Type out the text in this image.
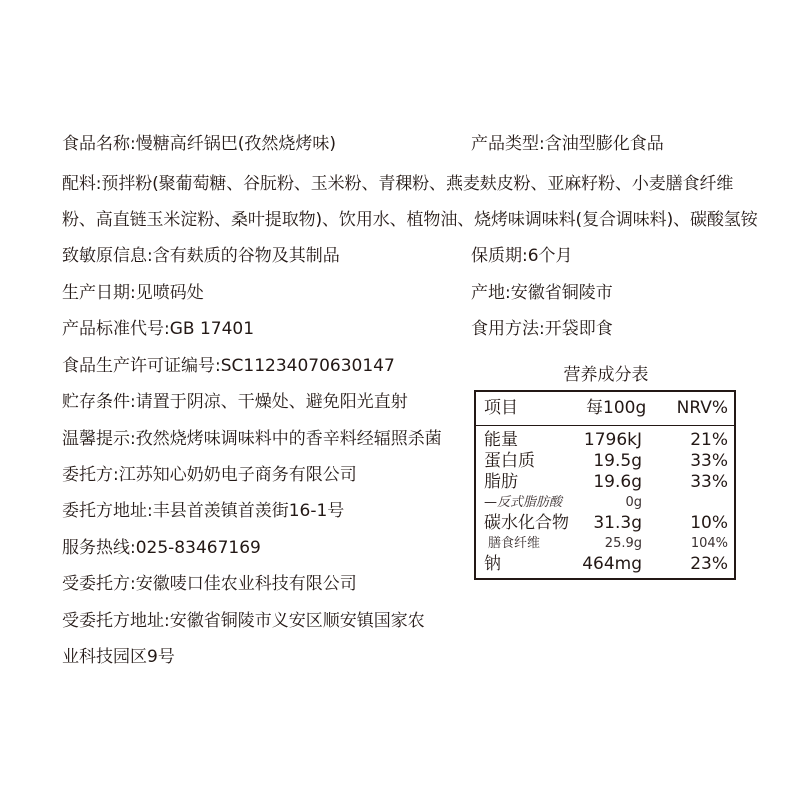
食品名称:慢糖高纤锅巴(孜然烧烤味)	产品类型:含油型膨化食品
配料:预拌粉(聚葡萄糖、谷朊粉、玉米粉、青稞粉、燕麦麸皮粉、亚麻籽粉、小麦膳食纤维
粉、高直链玉米淀粉、桑叶提取物)、饮用水、植物油、烧烤味调味料(复合调味料)、碳酸氢铵
致敏原信息:含有麸质的谷物及其制品	保质期:6个月
生产日期:见喷码处	产地:安徽省铜陵市
产品标准代号:GB 17401	食用方法:开袋即食
食品生产许可证编号:SC11234070630147
贮存条件:请置于阴凉、干燥处、避免阳光直射
温馨提示:孜然烧烤味调味料中的香辛料经辐照杀菌
委托方:江苏知心奶奶电子商务有限公司
委托方地址:丰县首羡镇首羡街16-1号
服务热线:025-83467169
受委托方:安徽唛口佳农业科技有限公司
受委托方地址:安徽省铜陵市义安区顺安镇国家农
业科技园区9号
营养成分表
项目	每100g NRV%
能量	1796kJ	21%
蛋白质	19.5g	33%
脂肪	19.6g	33%
—反式脂肪酸	0g
碳水化合物 31.3g	10%
膳食纤维	25.9g	104%
钠	464mg	23%
